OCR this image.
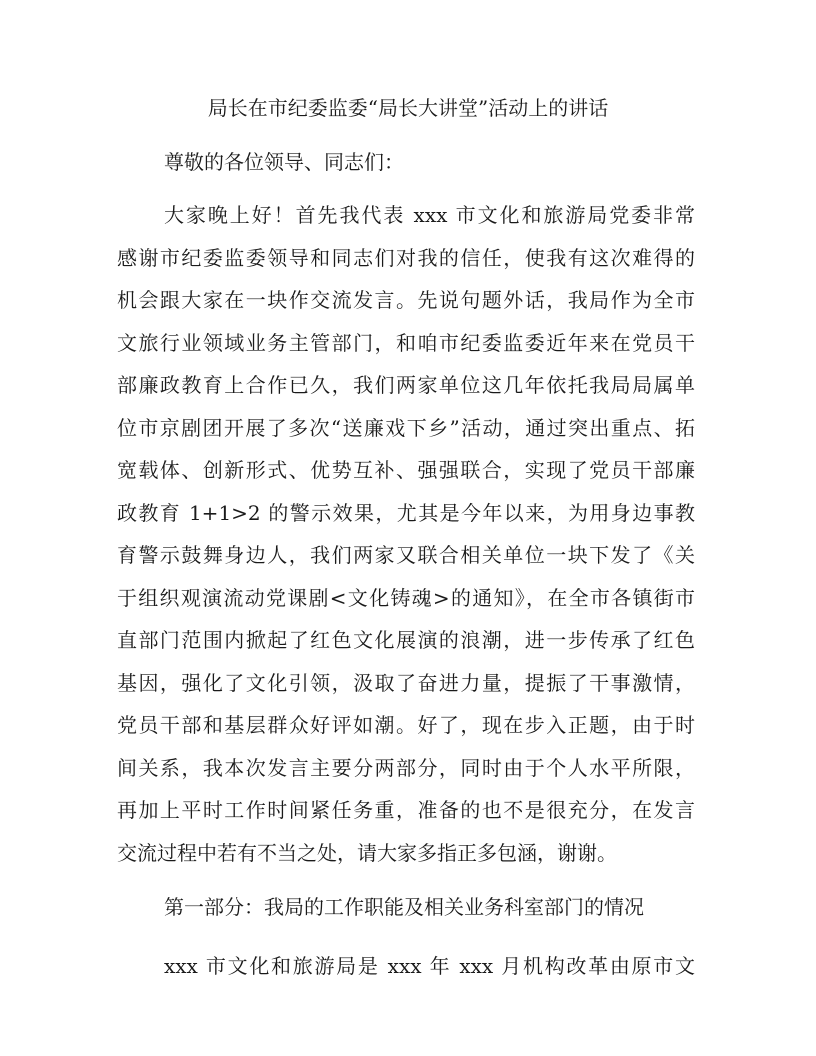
局长在市纪委监委“局长大讲堂”活动上的讲话
尊敬的各位领导、同志们：
大家晚上好！首先我代表 xxx 市文化和旅游局党委非常
感谢市纪委监委领导和同志们对我的信任，使我有这次难得的
机会跟大家在一块作交流发言。先说句题外话，我局作为全市
文旅行业领域业务主管部门，和咱市纪委监委近年来在党员干
部廉政教育上合作已久，我们两家单位这几年依托我局局属单
位市京剧团开展了多次“送廉戏下乡”活动，通过突出重点、拓
宽载体、创新形式、优势互补、强强联合，实现了党员干部廉
政教育 1+1>2 的警示效果，尤其是今年以来，为用身边事教
育警示鼓舞身边人，我们两家又联合相关单位一块下发了《关
于组织观演流动党课剧<文化铸魂>的通知》，在全市各镇街市
直部门范围内掀起了红色文化展演的浪潮，进一步传承了红色
基因，强化了文化引领，汲取了奋进力量，提振了干事激情，
党员干部和基层群众好评如潮。好了，现在步入正题，由于时
间关系，我本次发言主要分两部分，同时由于个人水平所限，
再加上平时工作时间紧任务重，准备的也不是很充分，在发言
交流过程中若有不当之处，请大家多指正多包涵，谢谢。
第一部分：我局的工作职能及相关业务科室部门的情况
xxx 市文化和旅游局是 xxx 年 xxx 月机构改革由原市文
